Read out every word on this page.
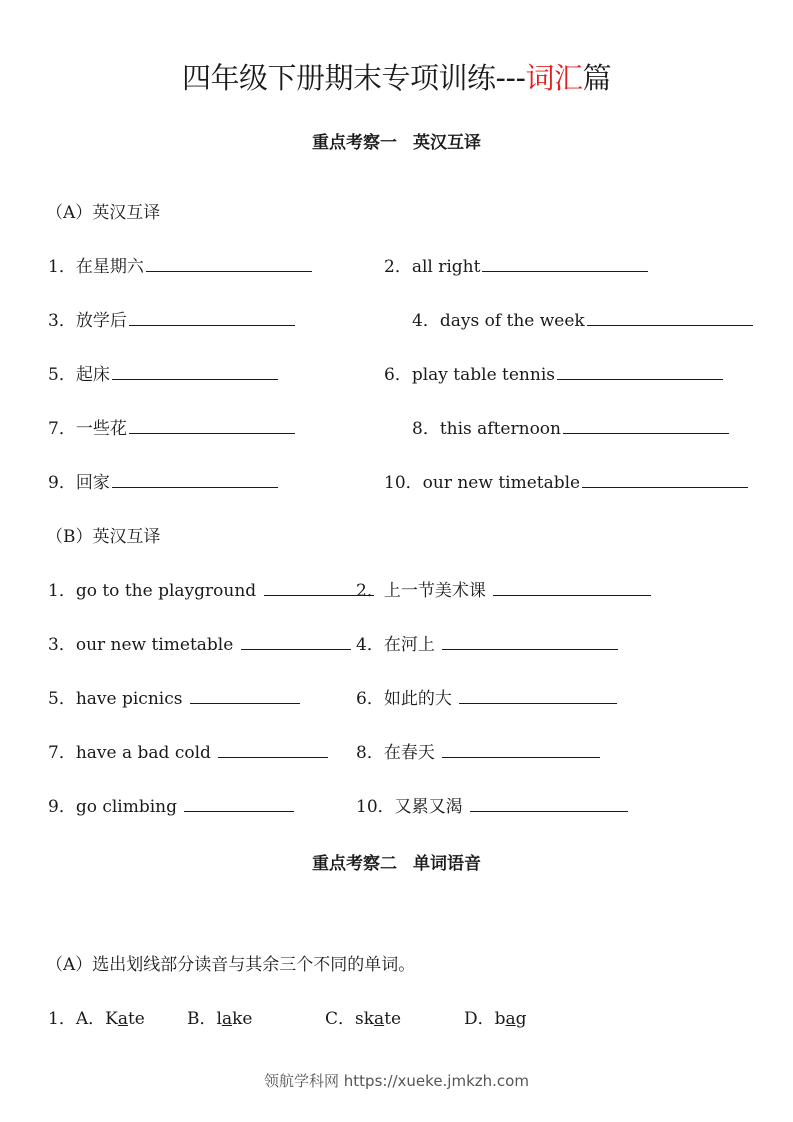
四年级下册期末专项训练---词汇篇
重点考察一 英汉互译
（A）英汉互译
1．在星期六	2．all right
3．放学后	4．days of the week
5．起床	6．play table tennis
7．一些花	8．this afternoon
9．回家	10．our new timetable
（B）英汉互译
1．go to the playground	2．上一节美术课
3．our new timetable	4．在河上
5．have picnics	6．如此的大
7．have a bad cold	8．在春天
9．go climbing	10．又累又渴
重点考察二 单词语音
（A）选出划线部分读音与其余三个不同的单词。
1．A．Kate B．lake	C．skate	D．bag
领航学科网 https://xueke.jmkzh.com
